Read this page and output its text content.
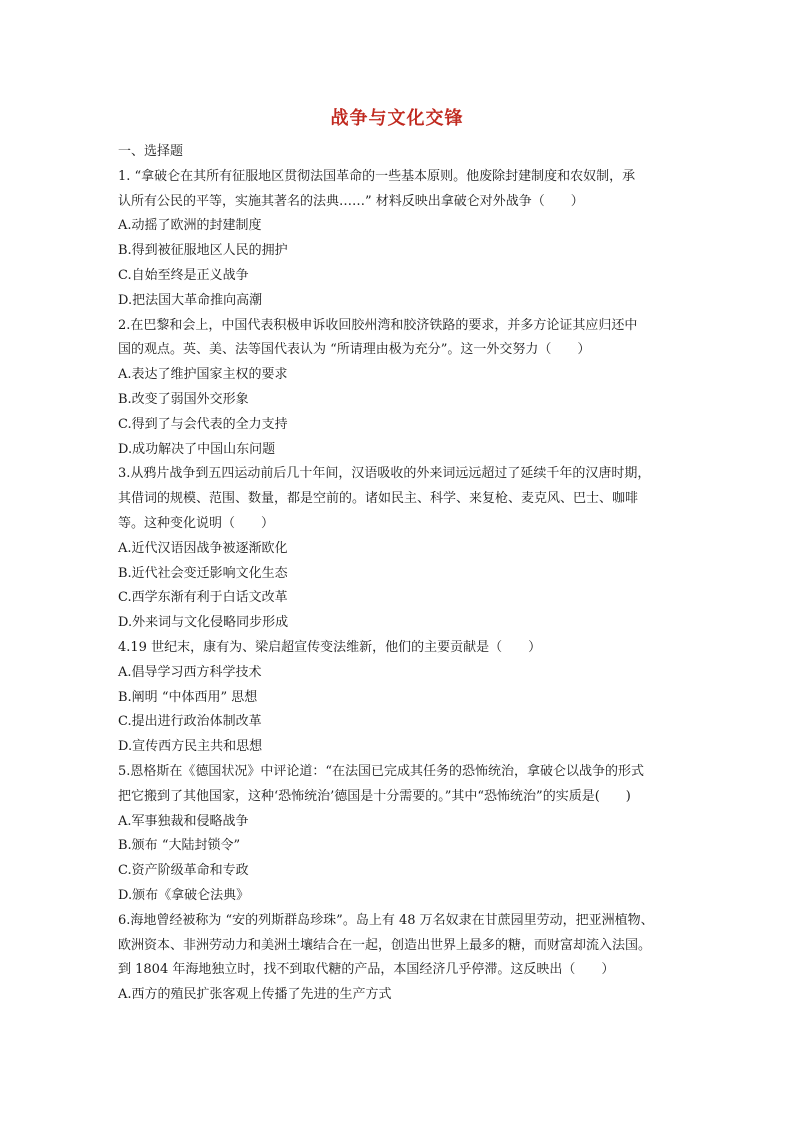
战争与文化交锋
一、选择题
1. “拿破仑在其所有征服地区贯彻法国革命的一些基本原则。他废除封建制度和农奴制，承
认所有公民的平等，实施其著名的法典……” 材料反映出拿破仑对外战争（　　）
A.动摇了欧洲的封建制度
B.得到被征服地区人民的拥护
C.自始至终是正义战争
D.把法国大革命推向高潮
2.在巴黎和会上，中国代表积极申诉收回胶州湾和胶济铁路的要求，并多方论证其应归还中
国的观点。英、美、法等国代表认为 “所请理由极为充分”。这一外交努力（　　）
A.表达了维护国家主权的要求
B.改变了弱国外交形象
C.得到了与会代表的全力支持
D.成功解决了中国山东问题
3.从鸦片战争到五四运动前后几十年间，汉语吸收的外来词远远超过了延续千年的汉唐时期，
其借词的规模、范围、数量，都是空前的。诸如民主、科学、来复枪、麦克风、巴士、咖啡
等。这种变化说明（　　）
A.近代汉语因战争被逐渐欧化
B.近代社会变迁影响文化生态
C.西学东渐有利于白话文改革
D.外来词与文化侵略同步形成
4.19 世纪末，康有为、梁启超宣传变法维新，他们的主要贡献是（　　）
A.倡导学习西方科学技术
B.阐明 “中体西用” 思想
C.提出进行政治体制改革
D.宣传西方民主共和思想
5.恩格斯在《德国状况》中评论道：“在法国已完成其任务的恐怖统治，拿破仑以战争的形式
把它搬到了其他国家，这种‘恐怖统治’德国是十分需要的。”其中“恐怖统治”的实质是(　　)
A.军事独裁和侵略战争
B.颁布 “大陆封锁令”
C.资产阶级革命和专政
D.颁布《拿破仑法典》
6.海地曾经被称为 “安的列斯群岛珍珠”。岛上有 48 万名奴隶在甘蔗园里劳动，把亚洲植物、
欧洲资本、非洲劳动力和美洲土壤结合在一起，创造出世界上最多的糖，而财富却流入法国。
到 1804 年海地独立时，找不到取代糖的产品，本国经济几乎停滞。这反映出（　　）
A.西方的殖民扩张客观上传播了先进的生产方式
